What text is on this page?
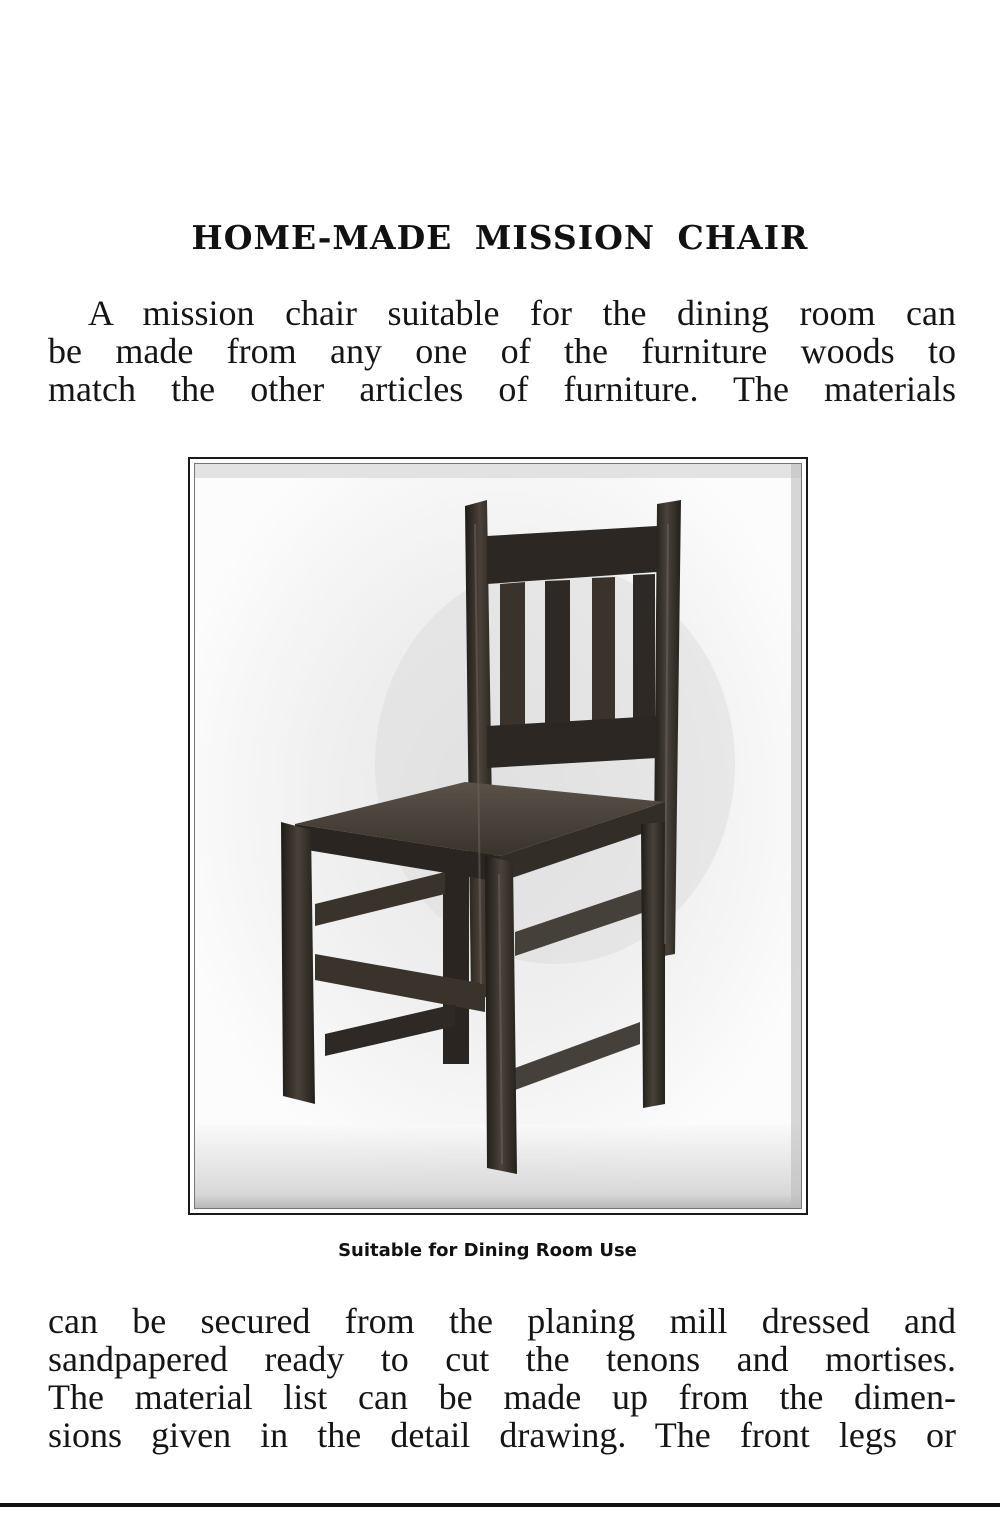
HOME-MADE MISSION CHAIR

A mission chair suitable for the dining room can
be made from any one of the furniture woods to
match the other articles of furniture. The materials

Suitable for Dining Room Use

can be secured from the planing mill dressed and
sandpapered ready to cut the tenons and mortises.
The material list can be made up from the dimen-
sions given in the detail drawing. The front legs or
